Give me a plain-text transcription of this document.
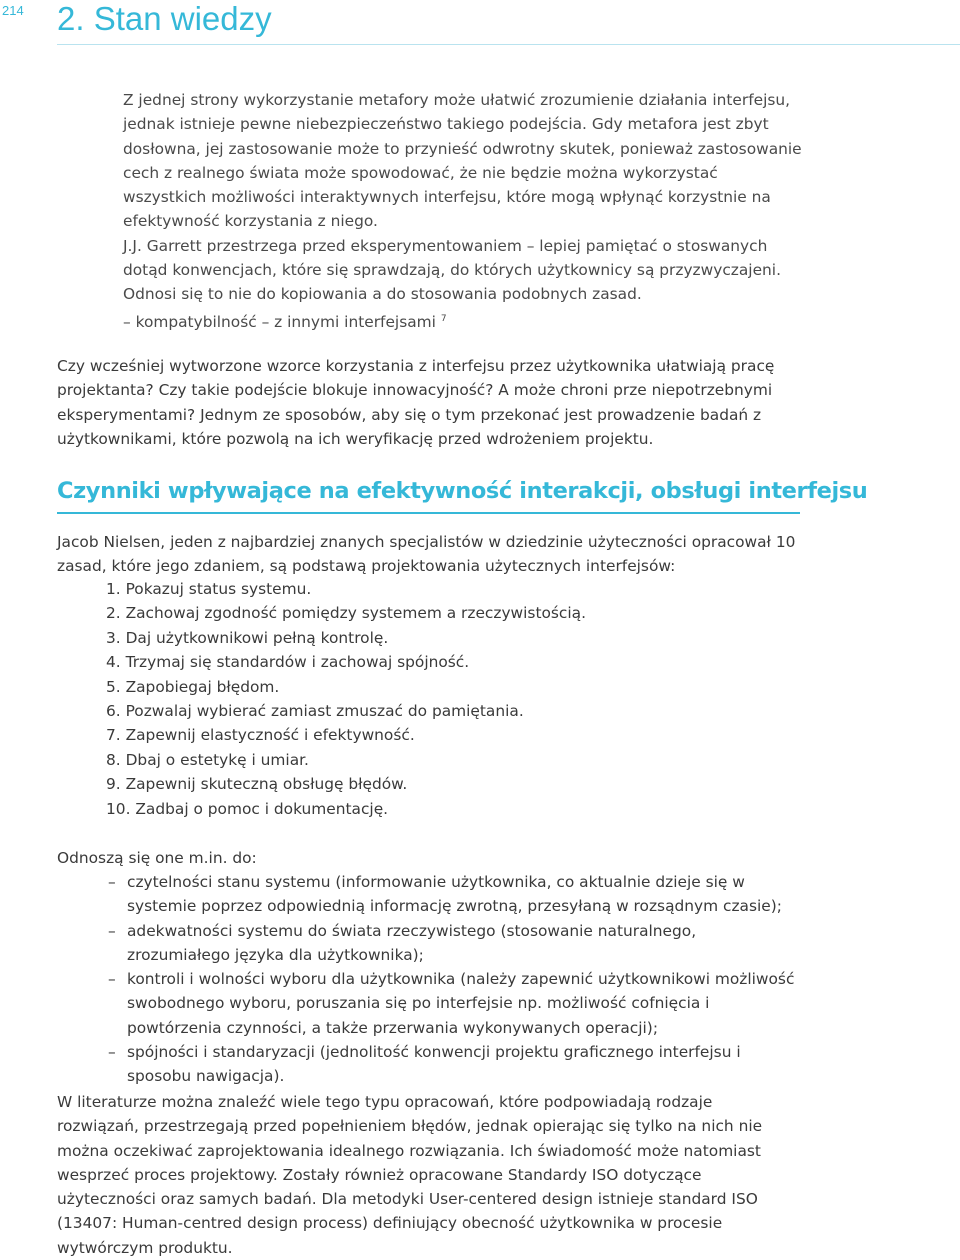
214 2. Stan wiedzy

Z jednej strony wykorzystanie metafory może ułatwić zrozumienie działania interfejsu, jednak istnieje pewne niebezpieczeństwo takiego podejścia. Gdy metafora jest zbyt dosłowna, jej zastosowanie może to przynieść odwrotny skutek, ponieważ zastosowanie cech z realnego świata może spowodować, że nie będzie można wykorzystać wszystkich możliwości interaktywnych interfejsu, które mogą wpłynąć korzystnie na efektywność korzystania z niego.

J.J. Garrett przestrzega przed eksperymentowaniem – lepiej pamiętać o stoswanych dotąd konwencjach, które się sprawdzają, do których użytkownicy są przyzwyczajeni. Odnosi się to nie do kopiowania a do stosowania podobnych zasad.

– kompatybilność – z innymi interfejsami $^7$

Czy wcześniej wytworzone wzorce korzystania z interfejsu przez użytkownika ułatwiają pracę projektanta? Czy takie podejście blokuje innowacyjność? A może chroni prze niepotrzebnymi eksperymentami? Jednym ze sposobów, aby się o tym przekonać jest prowadzenie badań z użytkownikami, które pozwolą na ich weryfikację przed wdrożeniem projektu.

Czynniki wpływające na efektywność interakcji, obsługi interfejsu

Jacob Nielsen, jeden z najbardziej znanych specjalistów w dziedzinie użyteczności opracował 10 zasad, które jego zdaniem, są podstawą projektowania użytecznych interfejsów:

1. Pokazuj status systemu.
2. Zachowaj zgodność pomiędzy systemem a rzeczywistością.
3. Daj użytkownikowi pełną kontrolę.
4. Trzymaj się standardów i zachowaj spójność.
5. Zapobiegaj błędom.
6. Pozwalaj wybierać zamiast zmuszać do pamiętania.
7. Zapewnij elastyczność i efektywność.
8. Dbaj o estetykę i umiar.
9. Zapewnij skuteczną obsługę błędów.
10. Zadbaj o pomoc i dokumentację.

Odnoszą się one m.in. do:

– czytelności stanu systemu (informowanie użytkownika, co aktualnie dzieje się w systemie poprzez odpowiednią informację zwrotną, przesyłaną w rozsądnym czasie);
– adekwatności systemu do świata rzeczywistego (stosowanie naturalnego, zrozumiałego języka dla użytkownika);
– kontroli i wolności wyboru dla użytkownika (należy zapewnić użytkownikowi możliwość swobodnego wyboru, poruszania się po interfejsie np. możliwość cofnięcia i powtórzenia czynności, a także przerwania wykonywanych operacji);
– spójności i standaryzacji (jednolitość konwencji projektu graficznego interfejsu i sposobu nawigacja).

W literaturze można znaleźć wiele tego typu opracowań, które podpowiadają rodzaje rozwiązań, przestrzegają przed popełnieniem błędów, jednak opierając się tylko na nich nie można oczekiwać zaprojektowania idealnego rozwiązania. Ich świadomość może natomiast wesprzeć proces projektowy. Zostały również opracowane Standardy ISO dotyczące użyteczności oraz samych badań. Dla metodyki User-centered design istnieje standard ISO (13407: Human-centred design process) definiujący obecność użytkownika w procesie wytwórczym produktu.
